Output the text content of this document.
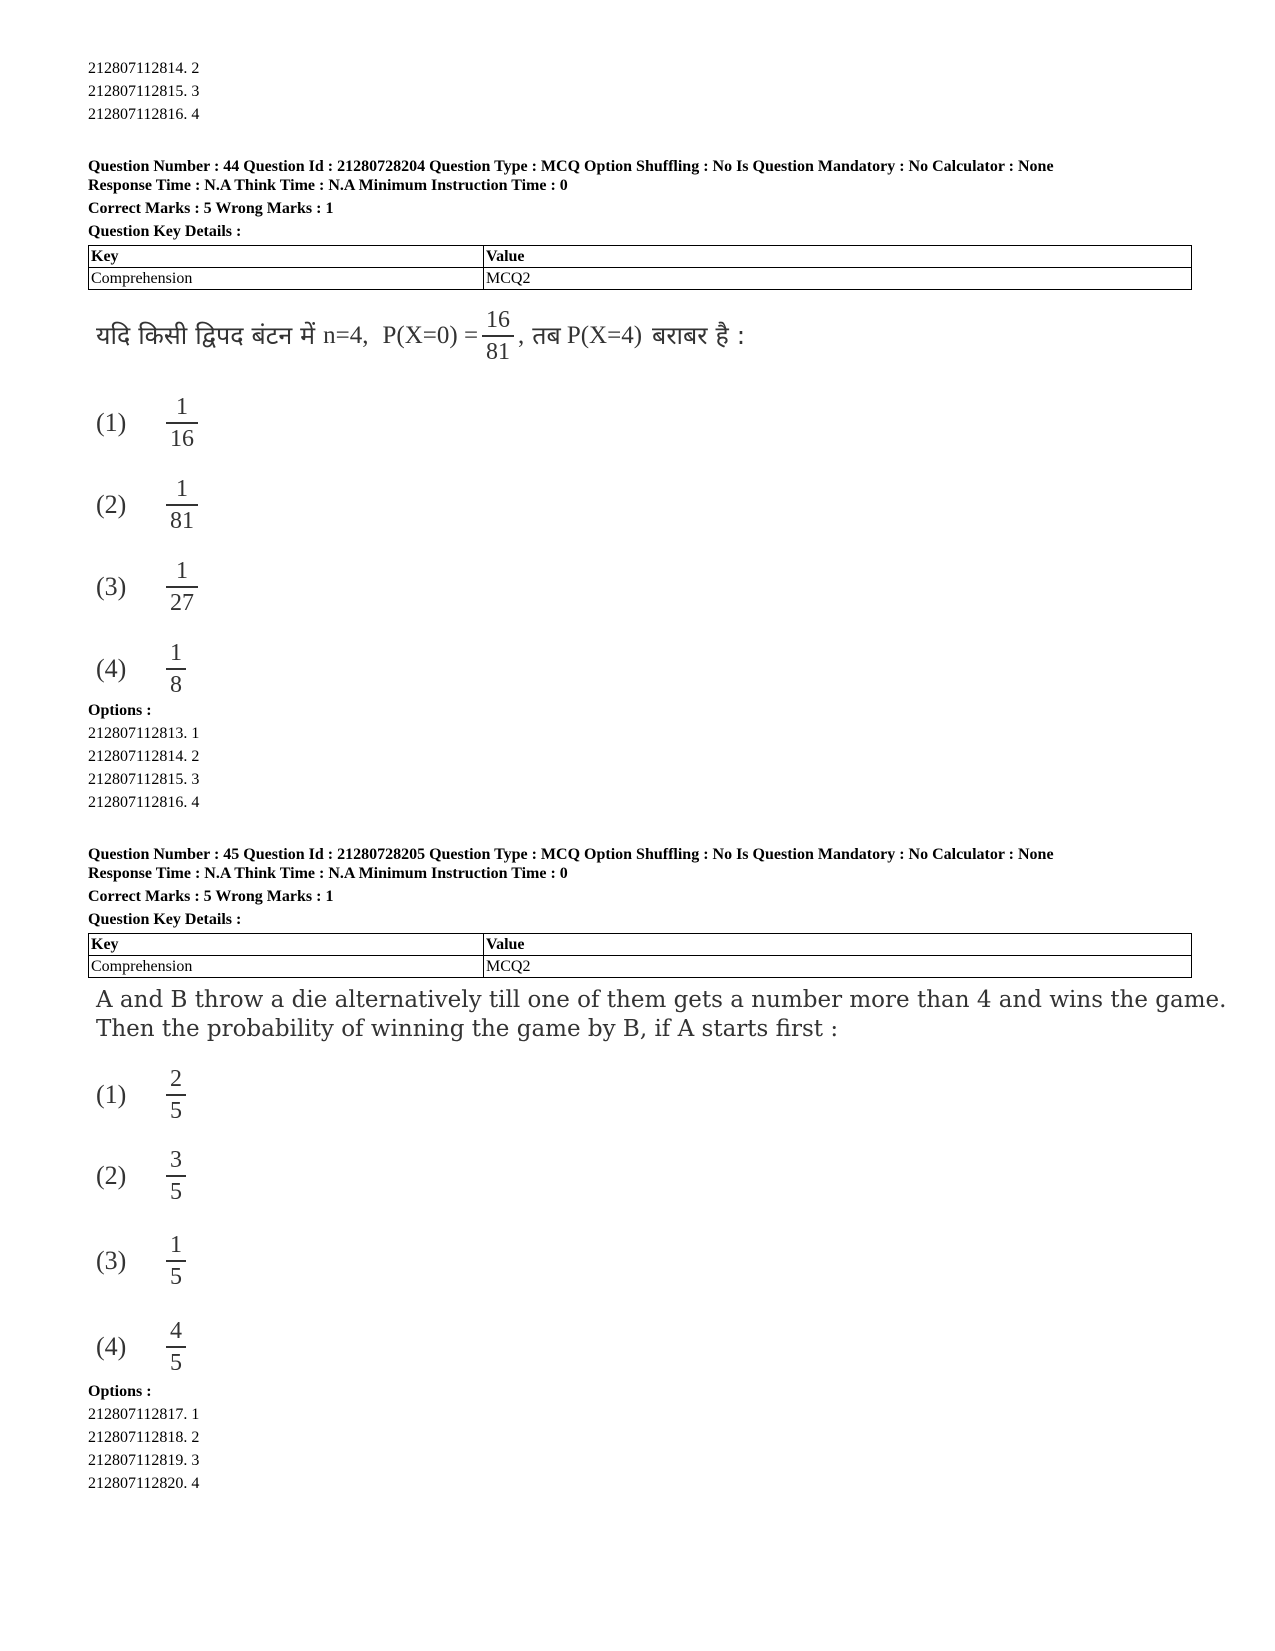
212807112814. 2
212807112815. 3
212807112816. 4
Question Number : 44 Question Id : 21280728204 Question Type : MCQ Option Shuffling : No Is Question Mandatory : No Calculator : None
Response Time : N.A Think Time : N.A Minimum Instruction Time : 0
Correct Marks : 5 Wrong Marks : 1
Question Key Details :
Key	Value
Comprehension	MCQ2
यदि किसी द्विपद बंटन में n=4, $P(X=0) = \frac{16}{81}$ , तब P(X=4) बराबर है :
(1)	$\frac{1}{16}$
(2)	$\frac{1}{81}$
(3)	$\frac{1}{27}$
(4)	$\frac{1}{8}$
Options :
212807112813. 1
212807112814. 2
212807112815. 3
212807112816. 4
Question Number : 45 Question Id : 21280728205 Question Type : MCQ Option Shuffling : No Is Question Mandatory : No Calculator : None
Response Time : N.A Think Time : N.A Minimum Instruction Time : 0
Correct Marks : 5 Wrong Marks : 1
Question Key Details :
Key	Value
Comprehension	MCQ2
A and B throw a die alternatively till one of them gets a number more than 4 and wins the game.
Then the probability of winning the game by B, if A starts first :
(1)	$\frac{2}{5}$
(2)	$\frac{3}{5}$
(3)	$\frac{1}{5}$
(4)	$\frac{4}{5}$
Options :
212807112817. 1
212807112818. 2
212807112819. 3
212807112820. 4
